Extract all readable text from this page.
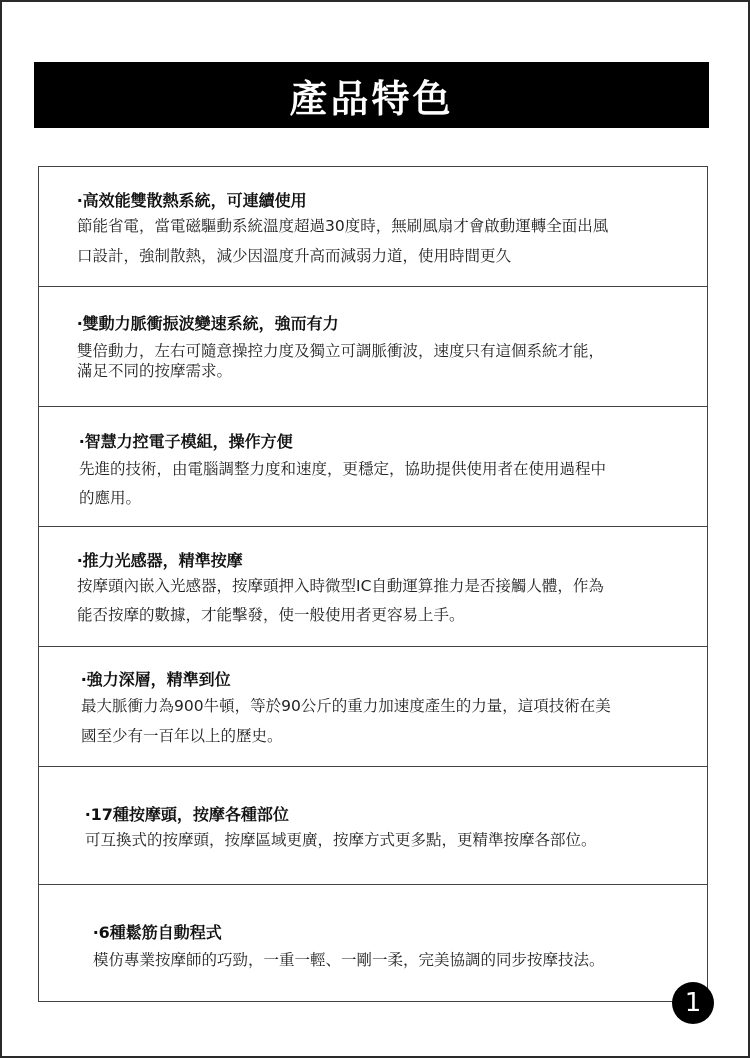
產品特色
‧高效能雙散熱系統，可連續使用
節能省電，當電磁驅動系統溫度超過30度時，無刷風扇才會啟動運轉全面出風
口設計，強制散熱，減少因溫度升高而減弱力道，使用時間更久
‧雙動力脈衝振波變速系統，強而有力
雙倍動力，左右可隨意操控力度及獨立可調脈衝波，速度只有這個系統才能，
滿足不同的按摩需求。
‧智慧力控電子模組，操作方便
先進的技術，由電腦調整力度和速度，更穩定，協助提供使用者在使用過程中
的應用。
‧推力光感器，精準按摩
按摩頭內嵌入光感器，按摩頭押入時微型IC自動運算推力是否接觸人體，作為
能否按摩的數據，才能擊發，使一般使用者更容易上手。
‧強力深層，精準到位
最大脈衝力為900牛頓，等於90公斤的重力加速度產生的力量，這項技術在美
國至少有一百年以上的歷史。
‧17種按摩頭，按摩各種部位
可互換式的按摩頭，按摩區域更廣，按摩方式更多點，更精準按摩各部位。
‧6種鬆筋自動程式
模仿專業按摩師的巧勁，一重一輕、一剛一柔，完美協調的同步按摩技法。
1
